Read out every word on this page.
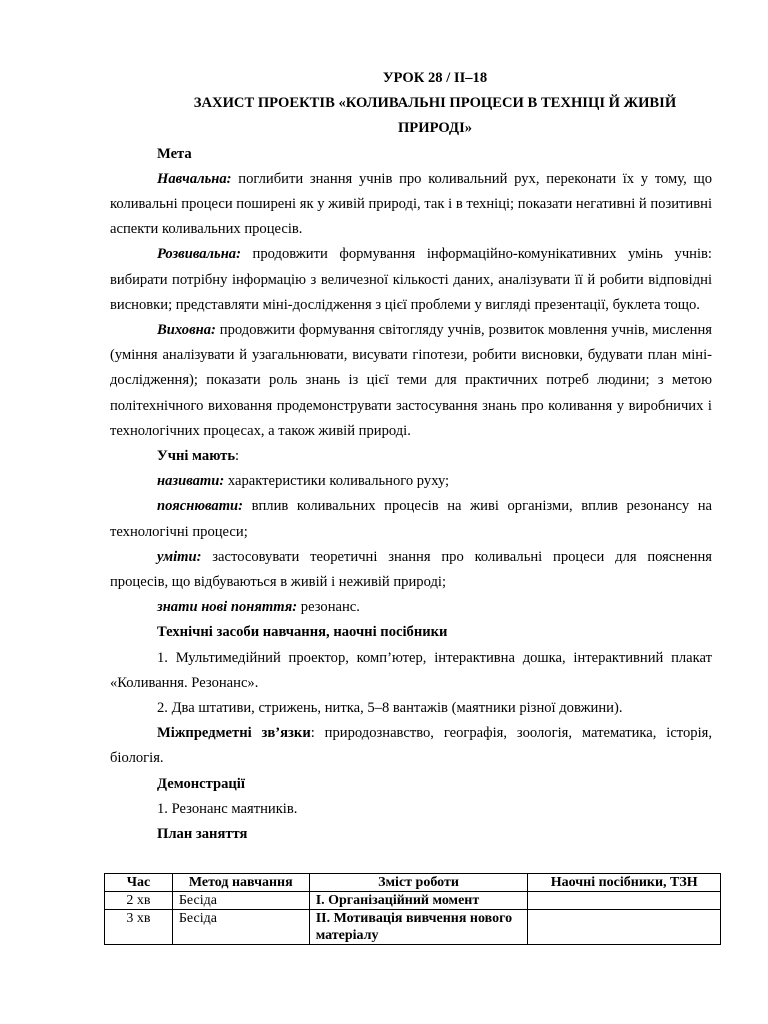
УРОК 28 / ІІ–18

ЗАХИСТ ПРОЕКТІВ «КОЛИВАЛЬНІ ПРОЦЕСИ В ТЕХНІЦІ Й ЖИВІЙ ПРИРОДІ»

Мета

Навчальна: поглибити знання учнів про коливальний рух, переконати їх у тому, що коливальні процеси поширені як у живій природі, так і в техніці; показати негативні й позитивні аспекти коливальних процесів.

Розвивальна: продовжити формування інформаційно-комунікативних умінь учнів: вибирати потрібну інформацію з величезної кількості даних, аналізувати її й робити відповідні висновки; представляти міні-дослідження з цієї проблеми у вигляді презентації, буклета тощо.

Виховна: продовжити формування світогляду учнів, розвиток мовлення учнів, мислення (уміння аналізувати й узагальнювати, висувати гіпотези, робити висновки, будувати план міні-дослідження); показати роль знань із цієї теми для практичних потреб людини; з метою політехнічного виховання продемонструвати застосування знань про коливання у виробничих і технологічних процесах, а також живій природі.

Учні мають:

називати: характеристики коливального руху;

пояснювати: вплив коливальних процесів на живі організми, вплив резонансу на технологічні процеси;

уміти: застосовувати теоретичні знання про коливальні процеси для пояснення процесів, що відбуваються в живій і неживій природі;

знати нові поняття: резонанс.

Технічні засоби навчання, наочні посібники

1. Мультимедійний проектор, комп’ютер, інтерактивна дошка, інтерактивний плакат «Коливання. Резонанс».

2. Два штативи, стрижень, нитка, 5–8 вантажів (маятники різної довжини).

Міжпредметні зв’язки: природознавство, географія, зоологія, математика, історія, біологія.

Демонстрації

1. Резонанс маятників.

План заняття

Час	Метод навчання	Зміст роботи	Наочні посібники, ТЗН
2 хв	Бесіда	I. Організаційний момент	
3 хв	Бесіда	II. Мотивація вивчення нового матеріалу	
